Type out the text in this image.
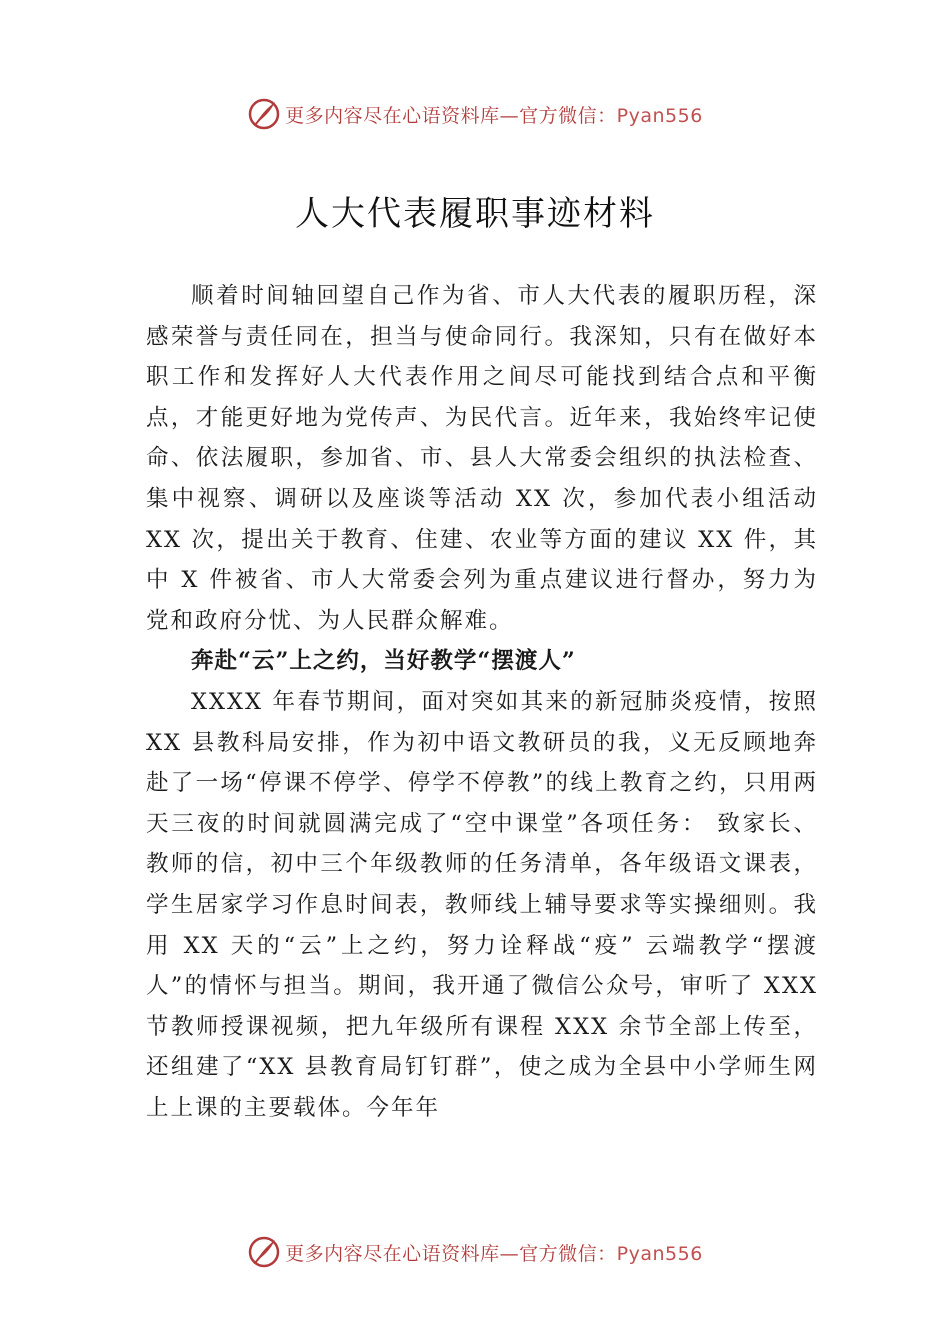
更多内容尽在心语资料库—官方微信：Pyan556
人大代表履职事迹材料

顺着时间轴回望自己作为省、市人大代表的履职历程，深感荣誉与责任同在，担当与使命同行。我深知，只有在做好本职工作和发挥好人大代表作用之间尽可能找到结合点和平衡点，才能更好地为党传声、为民代言。近年来，我始终牢记使命、依法履职，参加省、市、县人大常委会组织的执法检查、集中视察、调研以及座谈等活动 XX 次，参加代表小组活动 XX 次，提出关于教育、住建、农业等方面的建议 XX 件，其中 X 件被省、市人大常委会列为重点建议进行督办，努力为党和政府分忧、为人民群众解难。

奔赴“云”上之约，当好教学“摆渡人”

XXXX 年春节期间，面对突如其来的新冠肺炎疫情，按照 XX 县教科局安排，作为初中语文教研员的我，义无反顾地奔赴了一场“停课不停学、停学不停教”的线上教育之约，只用两天三夜的时间就圆满完成了“空中课堂”各项任务： 致家长、教师的信，初中三个年级教师的任务清单，各年级语文课表，学生居家学习作息时间表，教师线上辅导要求等实操细则。我用 XX 天的“云”上之约，努力诠释战“疫” 云端教学“摆渡人”的情怀与担当。期间，我开通了微信公众号，审听了 XXX 节教师授课视频，把九年级所有课程 XXX 余节全部上传至，还组建了“XX 县教育局钉钉群”，使之成为全县中小学师生网上上课的主要载体。今年年

更多内容尽在心语资料库—官方微信：Pyan556
